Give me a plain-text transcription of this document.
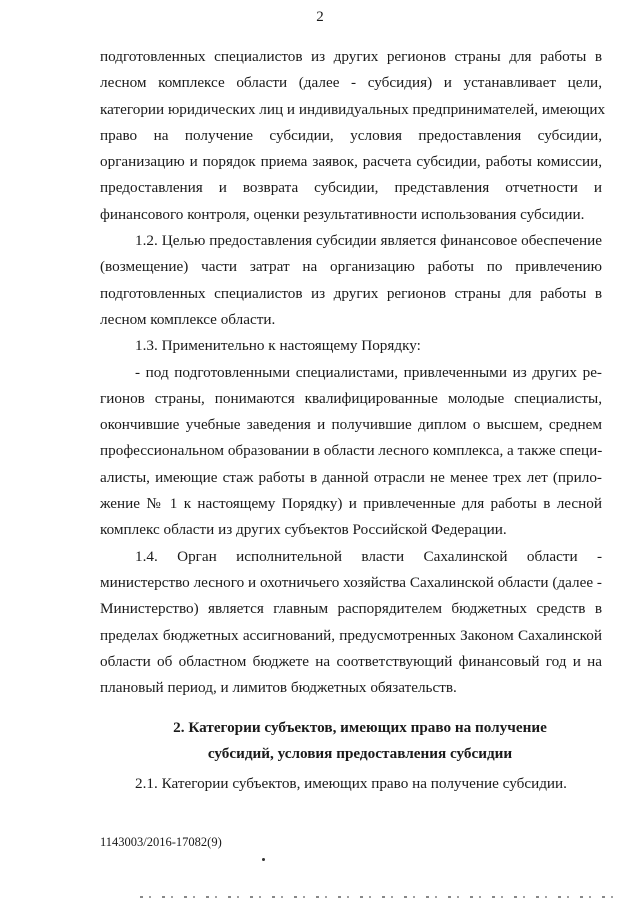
2
подготовленных специалистов из других регионов страны для работы в
лесном комплексе области (далее - субсидия) и устанавливает цели,
категории юридических лиц и индивидуальных предпринимателей, имеющих
право на получение субсидии, условия предоставления субсидии,
организацию и порядок приема заявок, расчета субсидии, работы комиссии,
предоставления и возврата субсидии, представления отчетности и
финансового контроля, оценки результативности использования субсидии.
1.2. Целью предоставления субсидии является финансовое обеспечение
(возмещение) части затрат на организацию работы по привлечению
подготовленных специалистов из других регионов страны для работы в
лесном комплексе области.
1.3. Применительно к настоящему Порядку:
- под подготовленными специалистами, привлеченными из других ре-
гионов страны, понимаются квалифицированные молодые специалисты,
окончившие учебные заведения и получившие диплом о высшем, среднем
профессиональном образовании в области лесного комплекса, а также специ-
алисты, имеющие стаж работы в данной отрасли не менее трех лет (прило-
жение № 1 к настоящему Порядку) и привлеченные для работы в лесной
комплекс области из других субъектов Российской Федерации.
1.4. Орган исполнительной власти Сахалинской области -
министерство лесного и охотничьего хозяйства Сахалинской области (далее -
Министерство) является главным распорядителем бюджетных средств в
пределах бюджетных ассигнований, предусмотренных Законом Сахалинской
области об областном бюджете на соответствующий финансовый год и на
плановый период, и лимитов бюджетных обязательств.
2. Категории субъектов, имеющих право на получение
субсидий, условия предоставления субсидии
2.1. Категории субъектов, имеющих право на получение субсидии.
1143003/2016-17082(9)
